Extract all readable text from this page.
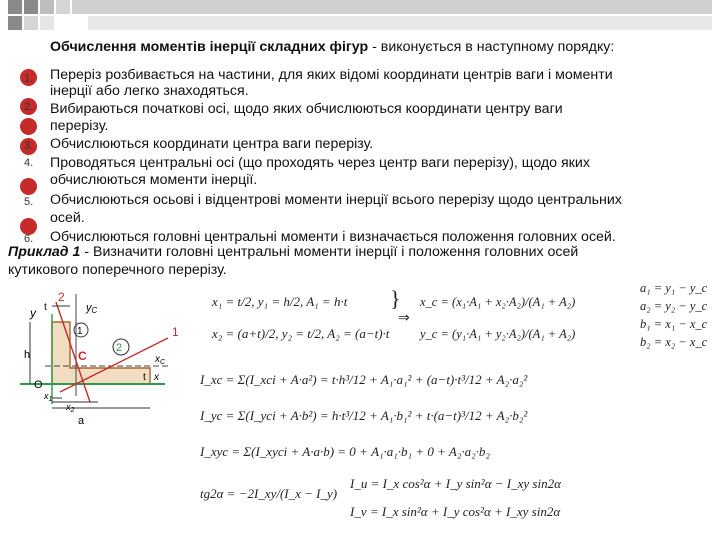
Обчислення моментів інерції складних фігур - виконується в наступному порядку:
1. Переріз розбивається на частини, для яких відомі координати центрів ваги і моменти
інерції або легко знаходяться.
2. Вибираються початкові осі, щодо яких обчислюються координати центру ваги
перерізу.
3. Обчислюються координати центра ваги перерізу.
4. Проводяться центральні осі (що проходять через центр ваги перерізу), щодо яких
обчислюються моменти інерції.
5. Обчислюються осьові і відцентрові моменти інерції всього перерізу щодо центральних
осей.
6. Обчислюються головні центральні моменти і визначається положення головних осей.
Приклад 1 - Визначити головні центральні моменти інерції і положення головних осей
кутикового поперечного перерізу.
t
2
yC
y
1
2
1
h	C	$x_C$
t x
O
$x_1$
$x_2$
a
x₁ = t/2, y₁ = h/2, A₁ = h·t
x₂ = (a+t)/2, y₂ = t/2, A₂ = (a−t)·t
}
⇒
x_c = (x₁·A₁ + x₂·A₂)/(A₁ + A₂)
y_c = (y₁·A₁ + y₂·A₂)/(A₁ + A₂)
a₁ = y₁ − y_c
a₂ = y₂ − y_c
b₁ = x₁ − x_c
b₂ = x₂ − x_c
I_xc = Σ(I_xci + A·a²) = t·h³/12 + A₁·a₁² + (a−t)·t³/12 + A₂·a₂²
I_yc = Σ(I_yci + A·b²) = h·t³/12 + A₁·b₁² + t·(a−t)³/12 + A₂·b₂²
I_xyc = Σ(I_xyci + A·a·b) = 0 + A₁·a₁·b₁ + 0 + A₂·a₂·b₂
tg2α = −2I_xy/(I_x − I_y)
I_u = I_x cos²α + I_y sin²α − I_xy sin2α
I_v = I_x sin²α + I_y cos²α + I_xy sin2α
